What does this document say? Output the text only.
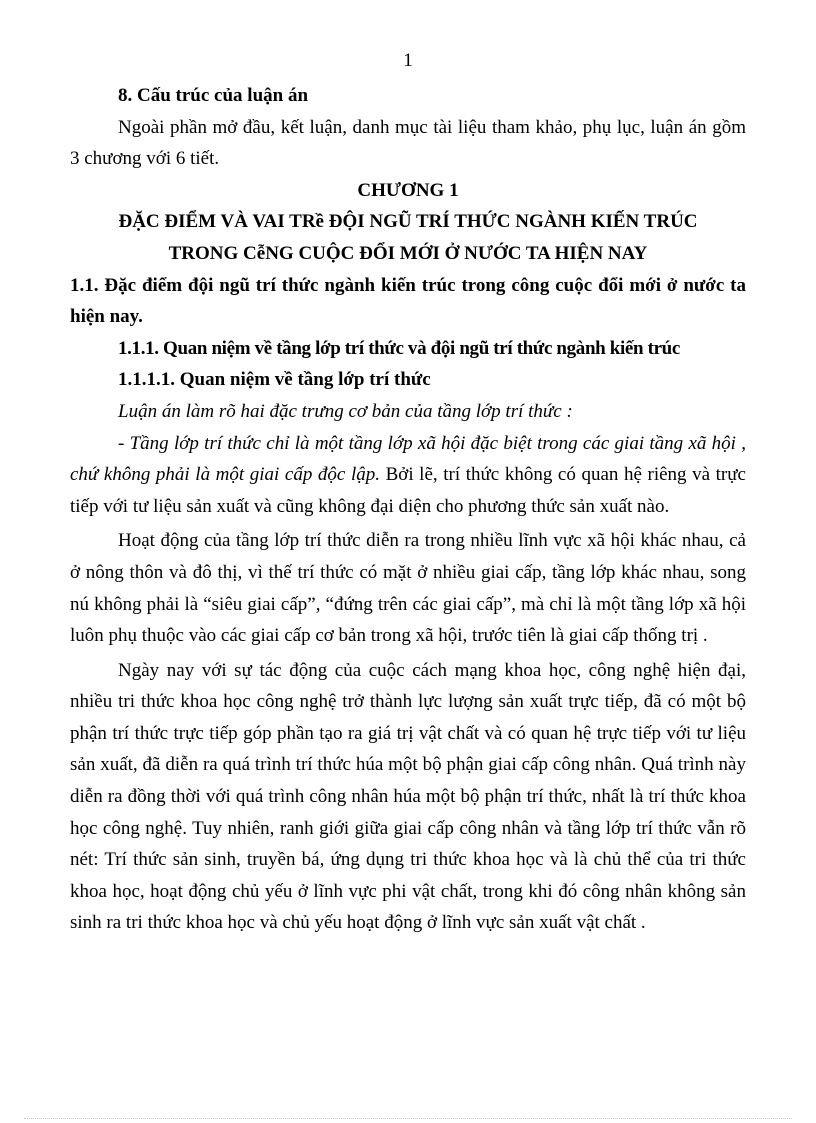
1

8. Cấu trúc của luận án

Ngoài phần mở đầu, kết luận, danh mục tài liệu tham khảo, phụ lục, luận án gồm 3 chương với 6 tiết.

CHƯƠNG 1

ĐẶC ĐIỂM VÀ VAI TRề ĐỘI NGŨ TRÍ THỨC NGÀNH KIẾN TRÚC

TRONG CễNG CUỘC ĐỔI MỚI Ở NƯỚC TA HIỆN NAY

1.1. Đặc điểm đội ngũ trí thức ngành kiến trúc trong công cuộc đổi mới ở nước ta hiện nay.

1.1.1. Quan niệm về tầng lớp trí thức và đội ngũ trí thức ngành kiến trúc

1.1.1.1. Quan niệm về tầng lớp trí thức

Luận án làm rõ hai đặc trưng cơ bản của tầng lớp trí thức :

- Tầng lớp trí thức chỉ là một tầng lớp xã hội đặc biệt trong các giai tầng xã hội , chứ không phải là một giai cấp độc lập. Bởi lẽ, trí thức không có quan hệ riêng và trực tiếp với tư liệu sản xuất và cũng không đại diện cho phương thức sản xuất nào.

Hoạt động của tầng lớp trí thức diễn ra trong nhiều lĩnh vực xã hội khác nhau, cả ở nông thôn và đô thị, vì thế trí thức có mặt ở nhiều giai cấp, tầng lớp khác nhau, song nú không phải là “siêu giai cấp”, “đứng trên các giai cấp”, mà chỉ là một tầng lớp xã hội luôn phụ thuộc vào các giai cấp cơ bản trong xã hội, trước tiên là giai cấp thống trị .

Ngày nay với sự tác động của cuộc cách mạng khoa học, công nghệ hiện đại, nhiều tri thức khoa học công nghệ trở thành lực lượng sản xuất trực tiếp, đã có một bộ phận trí thức trực tiếp góp phần tạo ra giá trị vật chất và có quan hệ trực tiếp với tư liệu sản xuất, đã diễn ra quá trình trí thức húa một bộ phận giai cấp công nhân. Quá trình này diễn ra đồng thời với quá trình công nhân húa một bộ phận trí thức, nhất là trí thức khoa học công nghệ. Tuy nhiên, ranh giới giữa giai cấp công nhân và tầng lớp trí thức vẫn rõ nét: Trí thức sản sinh, truyền bá, ứng dụng tri thức khoa học và là chủ thể của tri thức khoa học, hoạt động chủ yếu ở lĩnh vực phi vật chất, trong khi đó công nhân không sản sinh ra tri thức khoa học và chủ yếu hoạt động ở lĩnh vực sản xuất vật chất .
